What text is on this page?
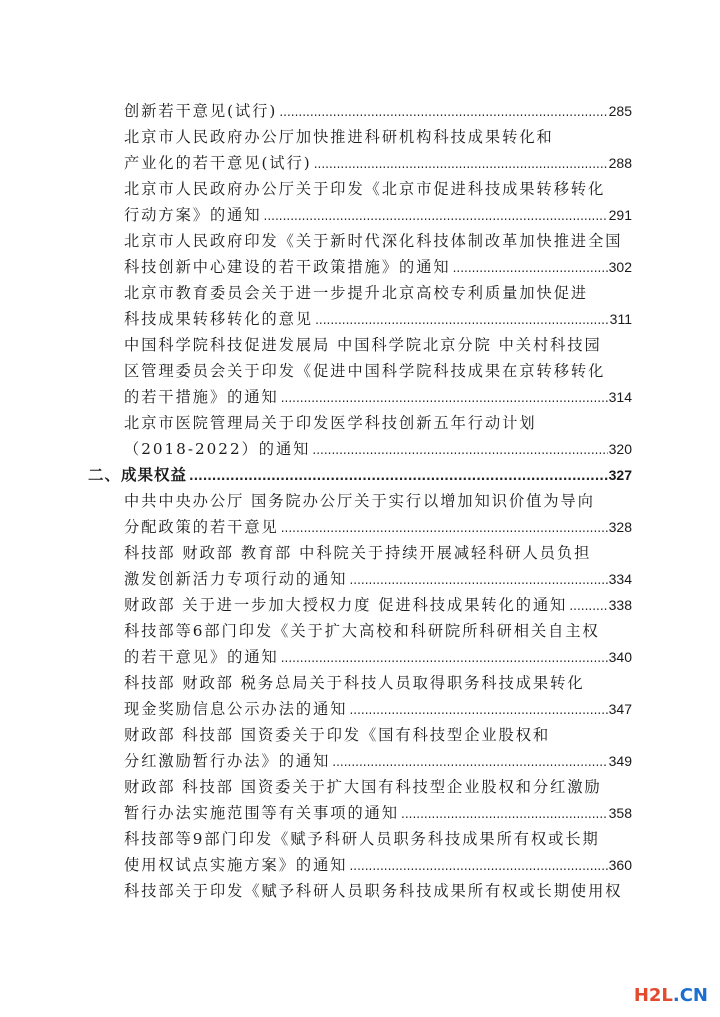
创新若干意见(试行) .....	285
北京市人民政府办公厅加快推进科研机构科技成果转化和
产业化的若干意见(试行) .....	288
北京市人民政府办公厅关于印发《北京市促进科技成果转移转化
行动方案》的通知 .....	291
北京市人民政府印发《关于新时代深化科技体制改革加快推进全国
科技创新中心建设的若干政策措施》的通知 .....	302
北京市教育委员会关于进一步提升北京高校专利质量加快促进
科技成果转移转化的意见 .....	311
中国科学院科技促进发展局 中国科学院北京分院 中关村科技园
区管理委员会关于印发《促进中国科学院科技成果在京转移转化
的若干措施》的通知 .....	314
北京市医院管理局关于印发医学科技创新五年行动计划
（2018-2022）的通知 .....	320
二、成果权益 .....	327
中共中央办公厅 国务院办公厅关于实行以增加知识价值为导向
分配政策的若干意见 .....	328
科技部 财政部 教育部 中科院关于持续开展减轻科研人员负担
激发创新活力专项行动的通知 .....	334
财政部 关于进一步加大授权力度 促进科技成果转化的通知 .....	338
科技部等6部门印发《关于扩大高校和科研院所科研相关自主权
的若干意见》的通知 .....	340
科技部 财政部 税务总局关于科技人员取得职务科技成果转化
现金奖励信息公示办法的通知 .....	347
财政部 科技部 国资委关于印发《国有科技型企业股权和
分红激励暂行办法》的通知 .....	349
财政部 科技部 国资委关于扩大国有科技型企业股权和分红激励
暂行办法实施范围等有关事项的通知 .....	358
科技部等9部门印发《赋予科研人员职务科技成果所有权或长期
使用权试点实施方案》的通知 .....	360
科技部关于印发《赋予科研人员职务科技成果所有权或长期使用权
H2L.CN
